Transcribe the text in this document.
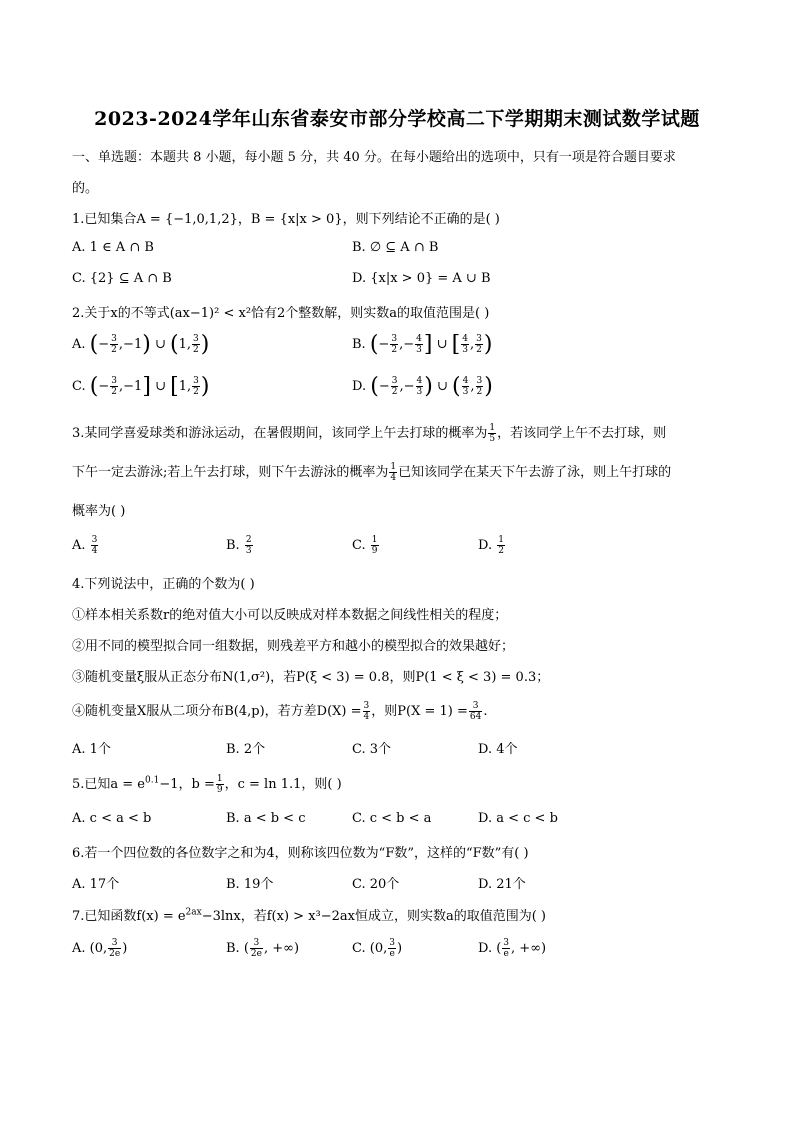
2023-2024学年山东省泰安市部分学校高二下学期期末测试数学试题
一、单选题：本题共 8 小题，每小题 5 分，共 40 分。在每小题给出的选项中，只有一项是符合题目要求
的。
1.已知集合A = {−1,0,1,2}，B = {x|x > 0}，则下列结论不正确的是( )
A. 1 ∈ A ∩ B	B. ∅ ⊆ A ∩ B
C. {2} ⊆ A ∩ B	D. {x|x > 0} = A ∪ B
2.关于x的不等式(ax−1)² < x²恰有2个整数解，则实数a的取值范围是( )
A. (− $\frac{3}{2} ,-1$) ∪ (1, $\frac{3}{2}$ )	B. (− $\frac{3}{2}$ ,− $\frac{4}{3}$ ] ∪ [ $\frac{4}{3}$ , $\frac{3}{2}$ )
C. (− $\frac{3}{2} ,-1$] ∪ [1, $\frac{3}{2}$ )	D. (− $\frac{3}{2}$ ,− $\frac{4}{3}$ ) ∪ ( $\frac{4}{3}$ , $\frac{3}{2}$ )
3.某同学喜爱球类和游泳运动，在暑假期间，该同学上午去打球的概率为 $\frac{1}{5}$ ，若该同学上午不去打球，则
下午一定去游泳;若上午去打球，则下午去游泳的概率为 $\frac{1}{4}$ 已知该同学在某天下午去游了泳，则上午打球的
概率为( )
A. $\frac{3}{4}$	B. $\frac{2}{3}$	C. $\frac{1}{9}$	D. $\frac{1}{2}$
4.下列说法中，正确的个数为( )
①样本相关系数r的绝对值大小可以反映成对样本数据之间线性相关的程度；
②用不同的模型拟合同一组数据，则残差平方和越小的模型拟合的效果越好；
③随机变量ξ服从正态分布N(1,σ²)，若P(ξ < 3) = 0.8，则P(1 < ξ < 3) = 0.3；
④随机变量X服从二项分布B(4,p)，若方差$D(X) = \frac{3}{4}$ ，则$P(X = 1) = \frac{3}{64}$ .
A. 1个	B. 2个	C. 3个	D. 4个
5.已知$a = e^{0.1}-1$，$b = \frac{1}{9}$ ，c = ln 1.1，则( )
A. c < a < b	B. a < b < c	C. c < b < a	D. a < c < b
6.若一个四位数的各位数字之和为4，则称该四位数为“F数”，这样的“F数”有( )
A. 17个	B. 19个	C. 20个	D. 21个
7.已知函数$f(x) = e^{2ax}-3\ln x$，若f(x) > x³−2ax恒成立，则实数a的取值范围为( )
A. (0, $\frac{3}{2e}$ )	B. ( $\frac{3}{2e}$ , +∞)	C. (0, $\frac{3}{e}$ )	D. ( $\frac{3}{e}$ , +∞)
